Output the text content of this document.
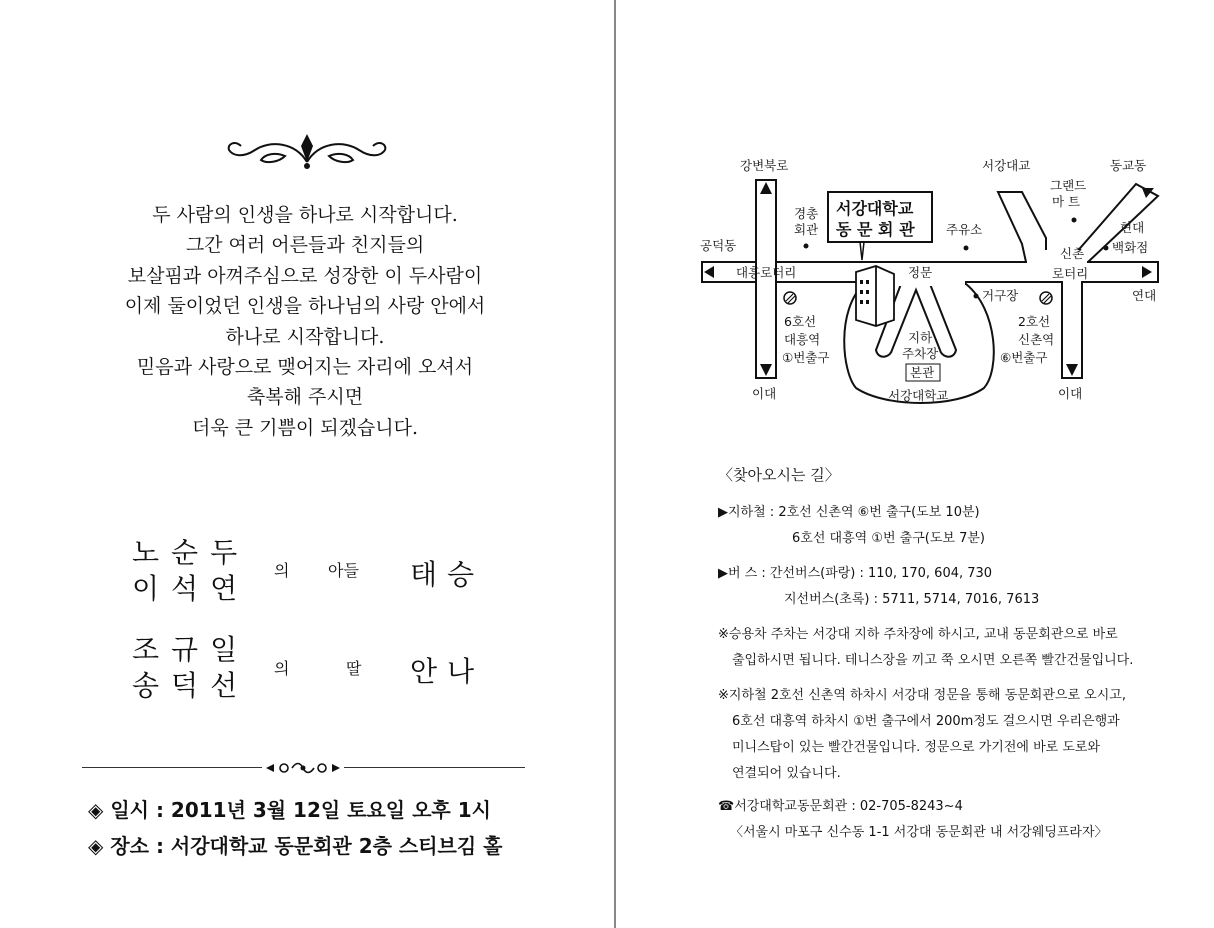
두 사람의 인생을 하나로 시작합니다.
그간 여러 어른들과 친지들의
보살핌과 아껴주심으로 성장한 이 두사람이
이제 둘이었던 인생을 하나님의 사랑 안에서
하나로 시작합니다.
믿음과 사랑으로 맺어지는 자리에 오셔서
축복해 주시면
더욱 큰 기쁨이 되겠습니다.
노순두
이석연
의 아들 태승
조규일
송덕선
의	딸 안나
◈ 일시 : 2011년 3월 12일 토요일 오후 1시
◈ 장소 : 서강대학교 동문회관 2층 스티브김 홀
강변북로
경총
회관
공덕동
대흥로터리
주유소
서강대교
그랜드
마 트
동교동
현대
백화점
신촌
로터리
연대
정문
거구장
6호선
대흥역
①번출구
2호선
신촌역
⑥번출구
이대	이대
지하
주차장
본관
서강대학교
서강대학교
동 문 회 관
〈찾아오시는 길〉
▶지하철 : 2호선 신촌역 ⑥번 출구(도보 10분)
6호선 대흥역 ①번 출구(도보 7분)
▶버 스 : 간선버스(파랑) : 110, 170, 604, 730
지선버스(초록) : 5711, 5714, 7016, 7613
※승용차 주차는 서강대 지하 주차장에 하시고, 교내 동문회관으로 바로
출입하시면 됩니다. 테니스장을 끼고 쭉 오시면 오른쪽 빨간건물입니다.
※지하철 2호선 신촌역 하차시 서강대 정문을 통해 동문회관으로 오시고,
6호선 대흥역 하차시 ①번 출구에서 200m정도 걸으시면 우리은행과
미니스탑이 있는 빨간건물입니다. 정문으로 가기전에 바로 도로와
연결되어 있습니다.
☎서강대학교동문회관 : 02-705-8243~4
〈서울시 마포구 신수동 1-1 서강대 동문회관 내 서강웨딩프라자〉
